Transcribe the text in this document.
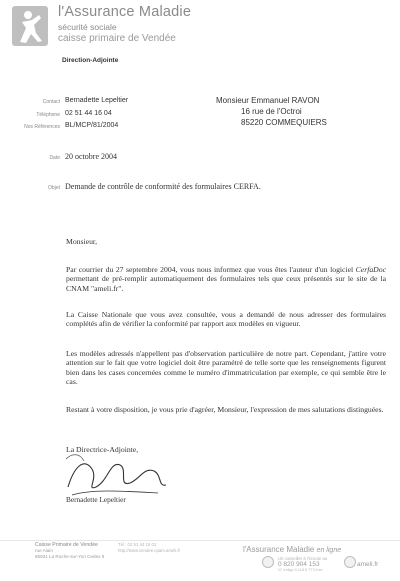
l'Assurance Maladie
sécurité sociale
caisse primaire de Vendée
Direction-Adjointe
Contact Bernadette Lepeltier
Téléphone 02 51 44 16 04
Nos Références BL/MCP/81/2004
Monsieur Emmanuel RAVON
16 rue de l'Octroi
85220 COMMEQUIERS
Date 20 octobre 2004
Objet Demande de contrôle de conformité des formulaires CERFA.
Monsieur,
Par courrier du 27 septembre 2004, vous nous informez que vous êtes l'auteur d'un logiciel CerfaDoc permettant de pré-remplir automatiquement des formulaires tels que ceux présentés sur le site de la CNAM "ameli.fr".
La Caisse Nationale que vous avez consultée, vous a demandé de nous adresser des formulaires complétés afin de vérifier la conformité par rapport aux modèles en vigueur.
Les modèles adressés n'appellent pas d'observation particulière de notre part. Cependant, j'attire votre attention sur le fait que votre logiciel doit être paramétré de telle sorte que les renseignements figurent bien dans les cases concernées comme le numéro d'immatriculation par exemple, ce qui semble être le cas.
Restant à votre disposition, je vous prie d'agréer, Monsieur, l'expression de mes salutations distinguées.
La Directrice-Adjointe,
Bernadette Lepeltier
Caisse Primaire de Vendée
rue Alain
85931 La Roche-sur-Yon Cedex 9
Tél : 02 51 44 16 01
http://www.vendee.cpam.ameli.fr	l'Assurance Maladie en ligne
Un conseiller à l'écoute au
0 820 904 153
N° Indigo 0,118 € TTC/min
ameli.fr
